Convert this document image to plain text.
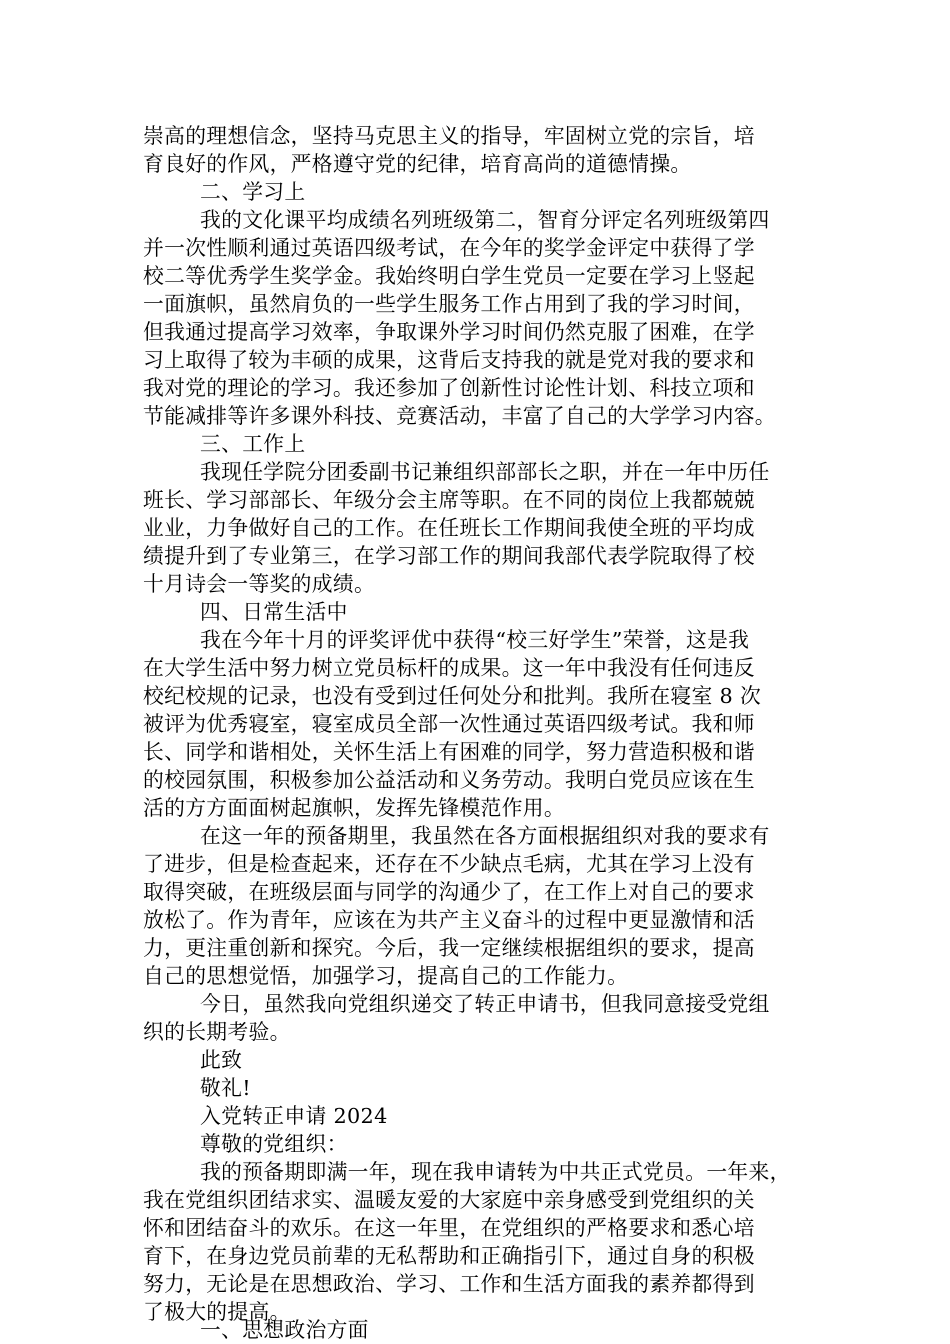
崇高的理想信念，坚持马克思主义的指导，牢固树立党的宗旨，培
育良好的作风，严格遵守党的纪律，培育高尚的道德情操。
二、学习上
我的文化课平均成绩名列班级第二，智育分评定名列班级第四
并一次性顺利通过英语四级考试，在今年的奖学金评定中获得了学
校二等优秀学生奖学金。我始终明白学生党员一定要在学习上竖起
一面旗帜，虽然肩负的一些学生服务工作占用到了我的学习时间，
但我通过提高学习效率，争取课外学习时间仍然克服了困难，在学
习上取得了较为丰硕的成果，这背后支持我的就是党对我的要求和
我对党的理论的学习。我还参加了创新性讨论性计划、科技立项和
节能减排等许多课外科技、竞赛活动，丰富了自己的大学学习内容。
三、工作上
我现任学院分团委副书记兼组织部部长之职，并在一年中历任
班长、学习部部长、年级分会主席等职。在不同的岗位上我都兢兢
业业，力争做好自己的工作。在任班长工作期间我使全班的平均成
绩提升到了专业第三，在学习部工作的期间我部代表学院取得了校
十月诗会一等奖的成绩。
四、日常生活中
我在今年十月的评奖评优中获得“校三好学生”荣誉，这是我
在大学生活中努力树立党员标杆的成果。这一年中我没有任何违反
校纪校规的记录，也没有受到过任何处分和批判。我所在寝室 8 次
被评为优秀寝室，寝室成员全部一次性通过英语四级考试。我和师
长、同学和谐相处，关怀生活上有困难的同学，努力营造积极和谐
的校园氛围，积极参加公益活动和义务劳动。我明白党员应该在生
活的方方面面树起旗帜，发挥先锋模范作用。
在这一年的预备期里，我虽然在各方面根据组织对我的要求有
了进步，但是检查起来，还存在不少缺点毛病，尤其在学习上没有
取得突破，在班级层面与同学的沟通少了，在工作上对自己的要求
放松了。作为青年，应该在为共产主义奋斗的过程中更显激情和活
力，更注重创新和探究。今后，我一定继续根据组织的要求，提高
自己的思想觉悟，加强学习，提高自己的工作能力。
今日，虽然我向党组织递交了转正申请书，但我同意接受党组
织的长期考验。
此致
敬礼!
入党转正申请 2024
尊敬的党组织：
我的预备期即满一年，现在我申请转为中共正式党员。一年来，
我在党组织团结求实、温暖友爱的大家庭中亲身感受到党组织的关
怀和团结奋斗的欢乐。在这一年里，在党组织的严格要求和悉心培
育下，在身边党员前辈的无私帮助和正确指引下，通过自身的积极
努力，无论是在思想政治、学习、工作和生活方面我的素养都得到
了极大的提高。
一、思想政治方面
